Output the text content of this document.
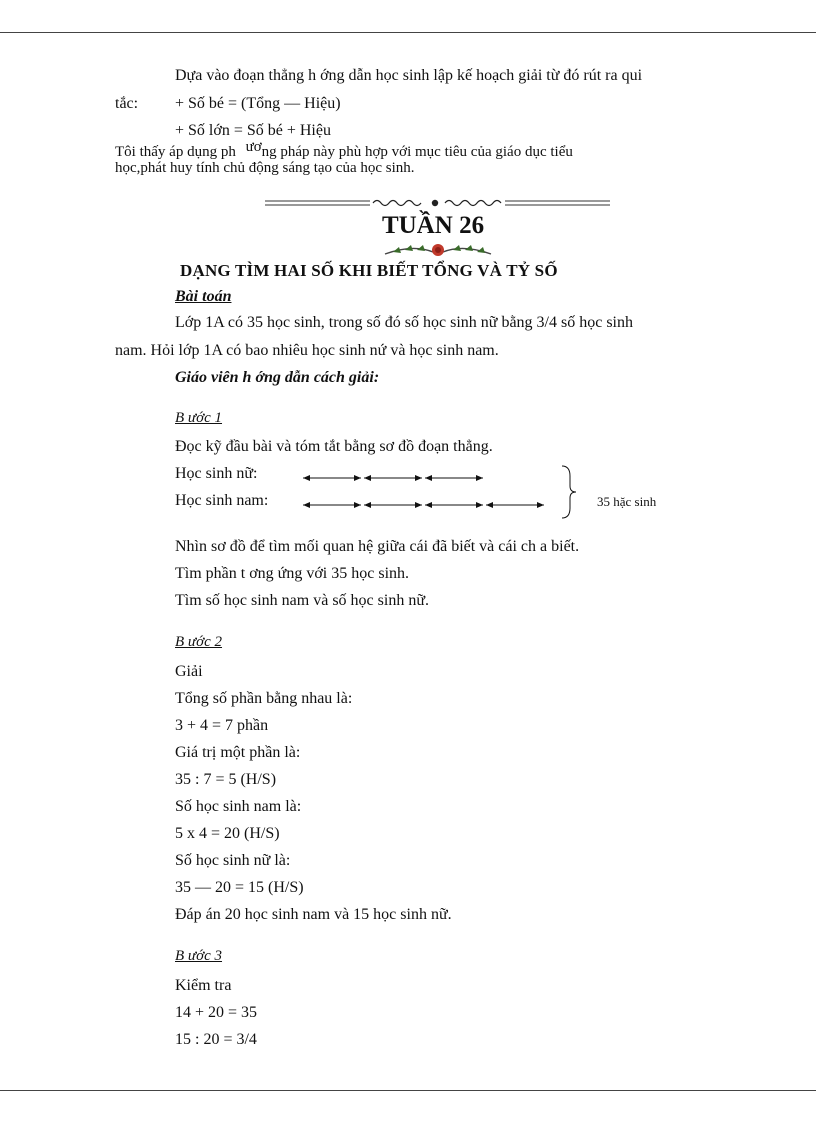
Dựa vào đoạn thẳng h ớng dẫn học sinh lập kế hoạch giải từ đó rút ra qui
tắc: + Số bé = (Tổng — Hiệu)
+ Số lớn = Số bé + Hiệu
Tôi thấy áp dụng ph ương pháp này phù hợp với mục tiêu của giáo dục tiểu
học,phát huy tính chủ động sáng tạo của học sinh.
TUẦN 26
DẠNG TÌM HAI SỐ KHI BIẾT TỔNG VÀ TỶ SỐ
Bài toán
Lớp 1A có 35 học sinh, trong số đó số học sinh nữ bằng 3/4 số học sinh
nam. Hỏi lớp 1A có bao nhiêu học sinh nứ và học sinh nam.
Giáo viên h ớng dẫn cách giải:
B ước 1
Đọc kỹ đầu bài và tóm tắt bằng sơ đồ đoạn thẳng.
Học sinh nữ:
Học sinh nam:	35 hặc sinh
Nhìn sơ đồ để tìm mối quan hệ giữa cái đã biết và cái ch a biết.
Tìm phần t ơng ứng với 35 học sinh.
Tìm số học sinh nam và số học sinh nữ.
B ước 2
Giải
Tổng số phần bằng nhau là:
3 + 4 = 7 phần
Giá trị một phần là:
35 : 7 = 5 (H/S)
Số học sinh nam là:
5 x 4 = 20 (H/S)
Số học sinh nữ là:
35 — 20 = 15 (H/S)
Đáp án 20 học sinh nam và 15 học sinh nữ.
B ước 3
Kiểm tra
14 + 20 = 35
15 : 20 = 3/4
